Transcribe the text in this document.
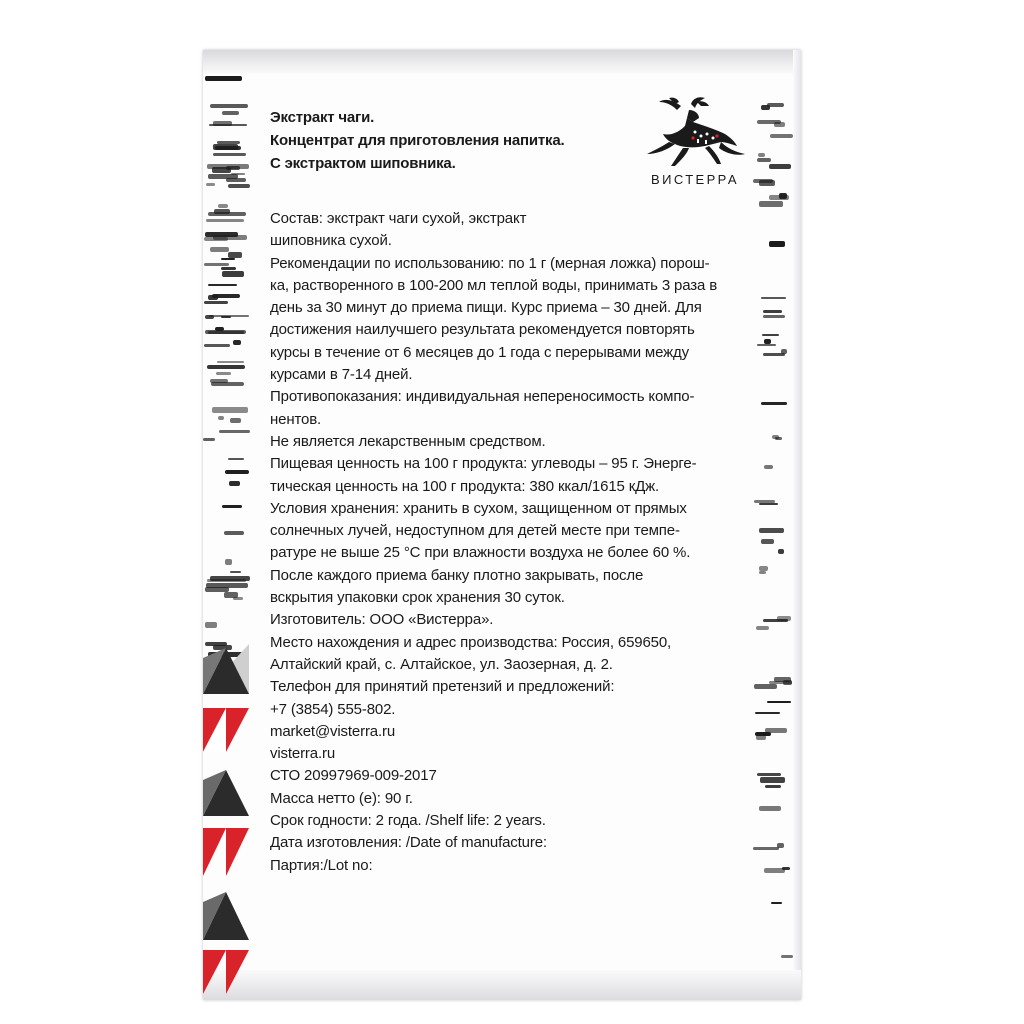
Экстракт чаги.
Концентрат для приготовления напитка.
С экстрактом шиповника.
Состав: экстракт чаги сухой, экстракт
шиповника сухой.
Рекомендации по использованию: по 1 г (мерная ложка) порош-
ка, растворенного в 100-200 мл теплой воды, принимать 3 раза в
день за 30 минут до приема пищи. Курс приема – 30 дней. Для
достижения наилучшего результата рекомендуется повторять
курсы в течение от 6 месяцев до 1 года с перерывами между
курсами в 7-14 дней.
Противопоказания: индивидуальная непереносимость компо-
нентов.
Не является лекарственным средством.
Пищевая ценность на 100 г продукта: углеводы – 95 г. Энерге-
тическая ценность на 100 г продукта: 380 ккал/1615 кДж.
Условия хранения: хранить в сухом, защищенном от прямых
солнечных лучей, недоступном для детей месте при темпе-
ратуре не выше 25 °С при влажности воздуха не более 60 %.
После каждого приема банку плотно закрывать, после
вскрытия упаковки срок хранения 30 суток.
Изготовитель: ООО «Вистерра».
Место нахождения и адрес производства: Россия, 659650,
Алтайский край, с. Алтайское, ул. Заозерная, д. 2.
Телефон для принятий претензий и предложений:
+7 (3854) 555-802.
market@visterra.ru
visterra.ru
СТО 20997969-009-2017
Масса нетто (е): 90 г.
Срок годности: 2 года. /Shelf life: 2 years.
Дата изготовления: /Date of manufacture:
Партия:/Lot no:
ВИСТЕРРА
